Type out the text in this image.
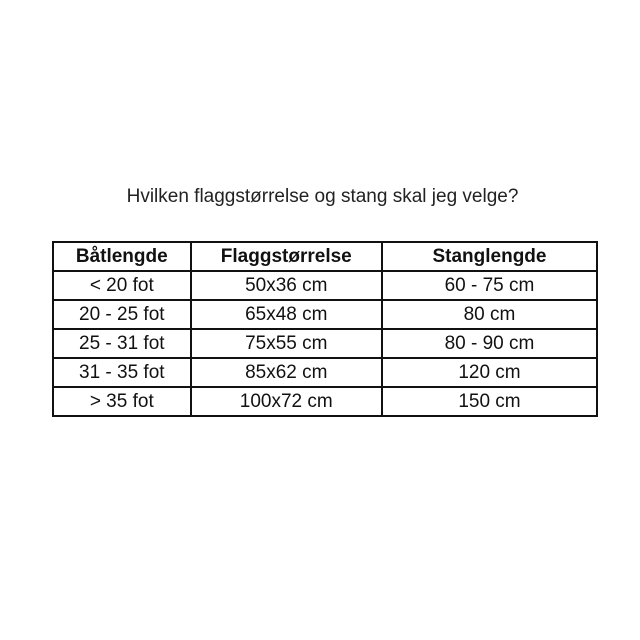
Hvilken flaggstørrelse og stang skal jeg velge?
Båtlengde	Flaggstørrelse	Stanglengde
< 20 fot	50x36 cm	60 - 75 cm
20 - 25 fot	65x48 cm	80 cm
25 - 31 fot	75x55 cm	80 - 90 cm
31 - 35 fot	85x62 cm	120 cm
> 35 fot	100x72 cm	150 cm
